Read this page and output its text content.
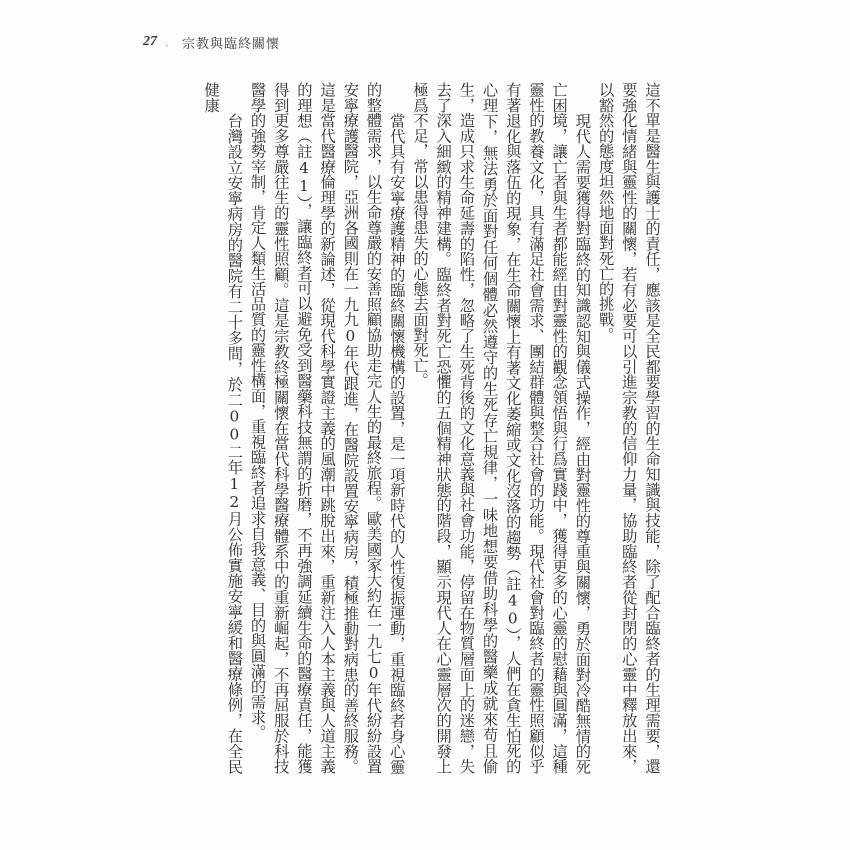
27 、 宗教與臨終關懷

這不單是醫生與護士的責任，應該是全民都要學習的生命知識與技能，除了配合臨終者的生理需要，還要強化情緒與靈性的關懷，若有必要可以引進宗教的信仰力量，協助臨終者從封閉的心靈中釋放出來，以豁然的態度坦然地面對死亡的挑戰。

現代人需要獲得對臨終的知識認知與儀式操作，經由對靈性的尊重與關懷，勇於面對冷酷無情的死亡困境，讓亡者與生者都能經由對靈性的觀念領悟與行爲實踐中，獲得更多的心靈的慰藉與圓滿，這種靈性的教養文化，具有滿足社會需求、團結群體與整合社會的功能。現代社會對臨終者的靈性照顧似乎有著退化與落伍的現象，在生命關懷上有著文化萎縮或文化沒落的趨勢（註40），人們在貪生怕死的心理下，無法勇於面對任何個體必然遵守的生死存亡規律，一味地想要借助科學的醫藥成就來苟且偷生，造成只求生命延壽的陷性，忽略了生死背後的文化意義與社會功能，停留在物質層面上的迷戀，失去了深入細緻的精神建構。臨終者對死亡恐懼的五個精神狀態的階段，顯示現代人在心靈層次的開發上極爲不足，常以患得患失的心態去面對死亡。

當代具有安寧療護精神的臨終關懷機構的設置，是一項新時代的人性復振運動，重視臨終者身心靈的整體需求，以生命尊嚴的安善照顧協助走完人生的最終旅程。歐美國家大約在一九七0年代紛紛設置安寧療護醫院，亞洲各國則在一九九0年代跟進，在醫院設置安寧病房，積極推動對病患的善終服務。這是當代醫療倫理學的新論述，從現代科學實證主義的風潮中跳脫出來，重新注入人本主義與人道主義的理想（註41），讓臨終者可以避免受到醫藥科技無謂的折磨，不再強調延續生命的醫療責任，能獲得到更多尊嚴往生的靈性照顧。這是宗教終極關懷在當代科學醫療體系中的重新崛起，不再屈服於科技醫學的強勢宰制，肯定人類生活品質的靈性構面，重視臨終者追求自我意義、目的與圓滿的需求。

台灣設立安寧病房的醫院有二十多間，於二00二年12月公佈實施安寧緩和醫療條例，在全民健康
